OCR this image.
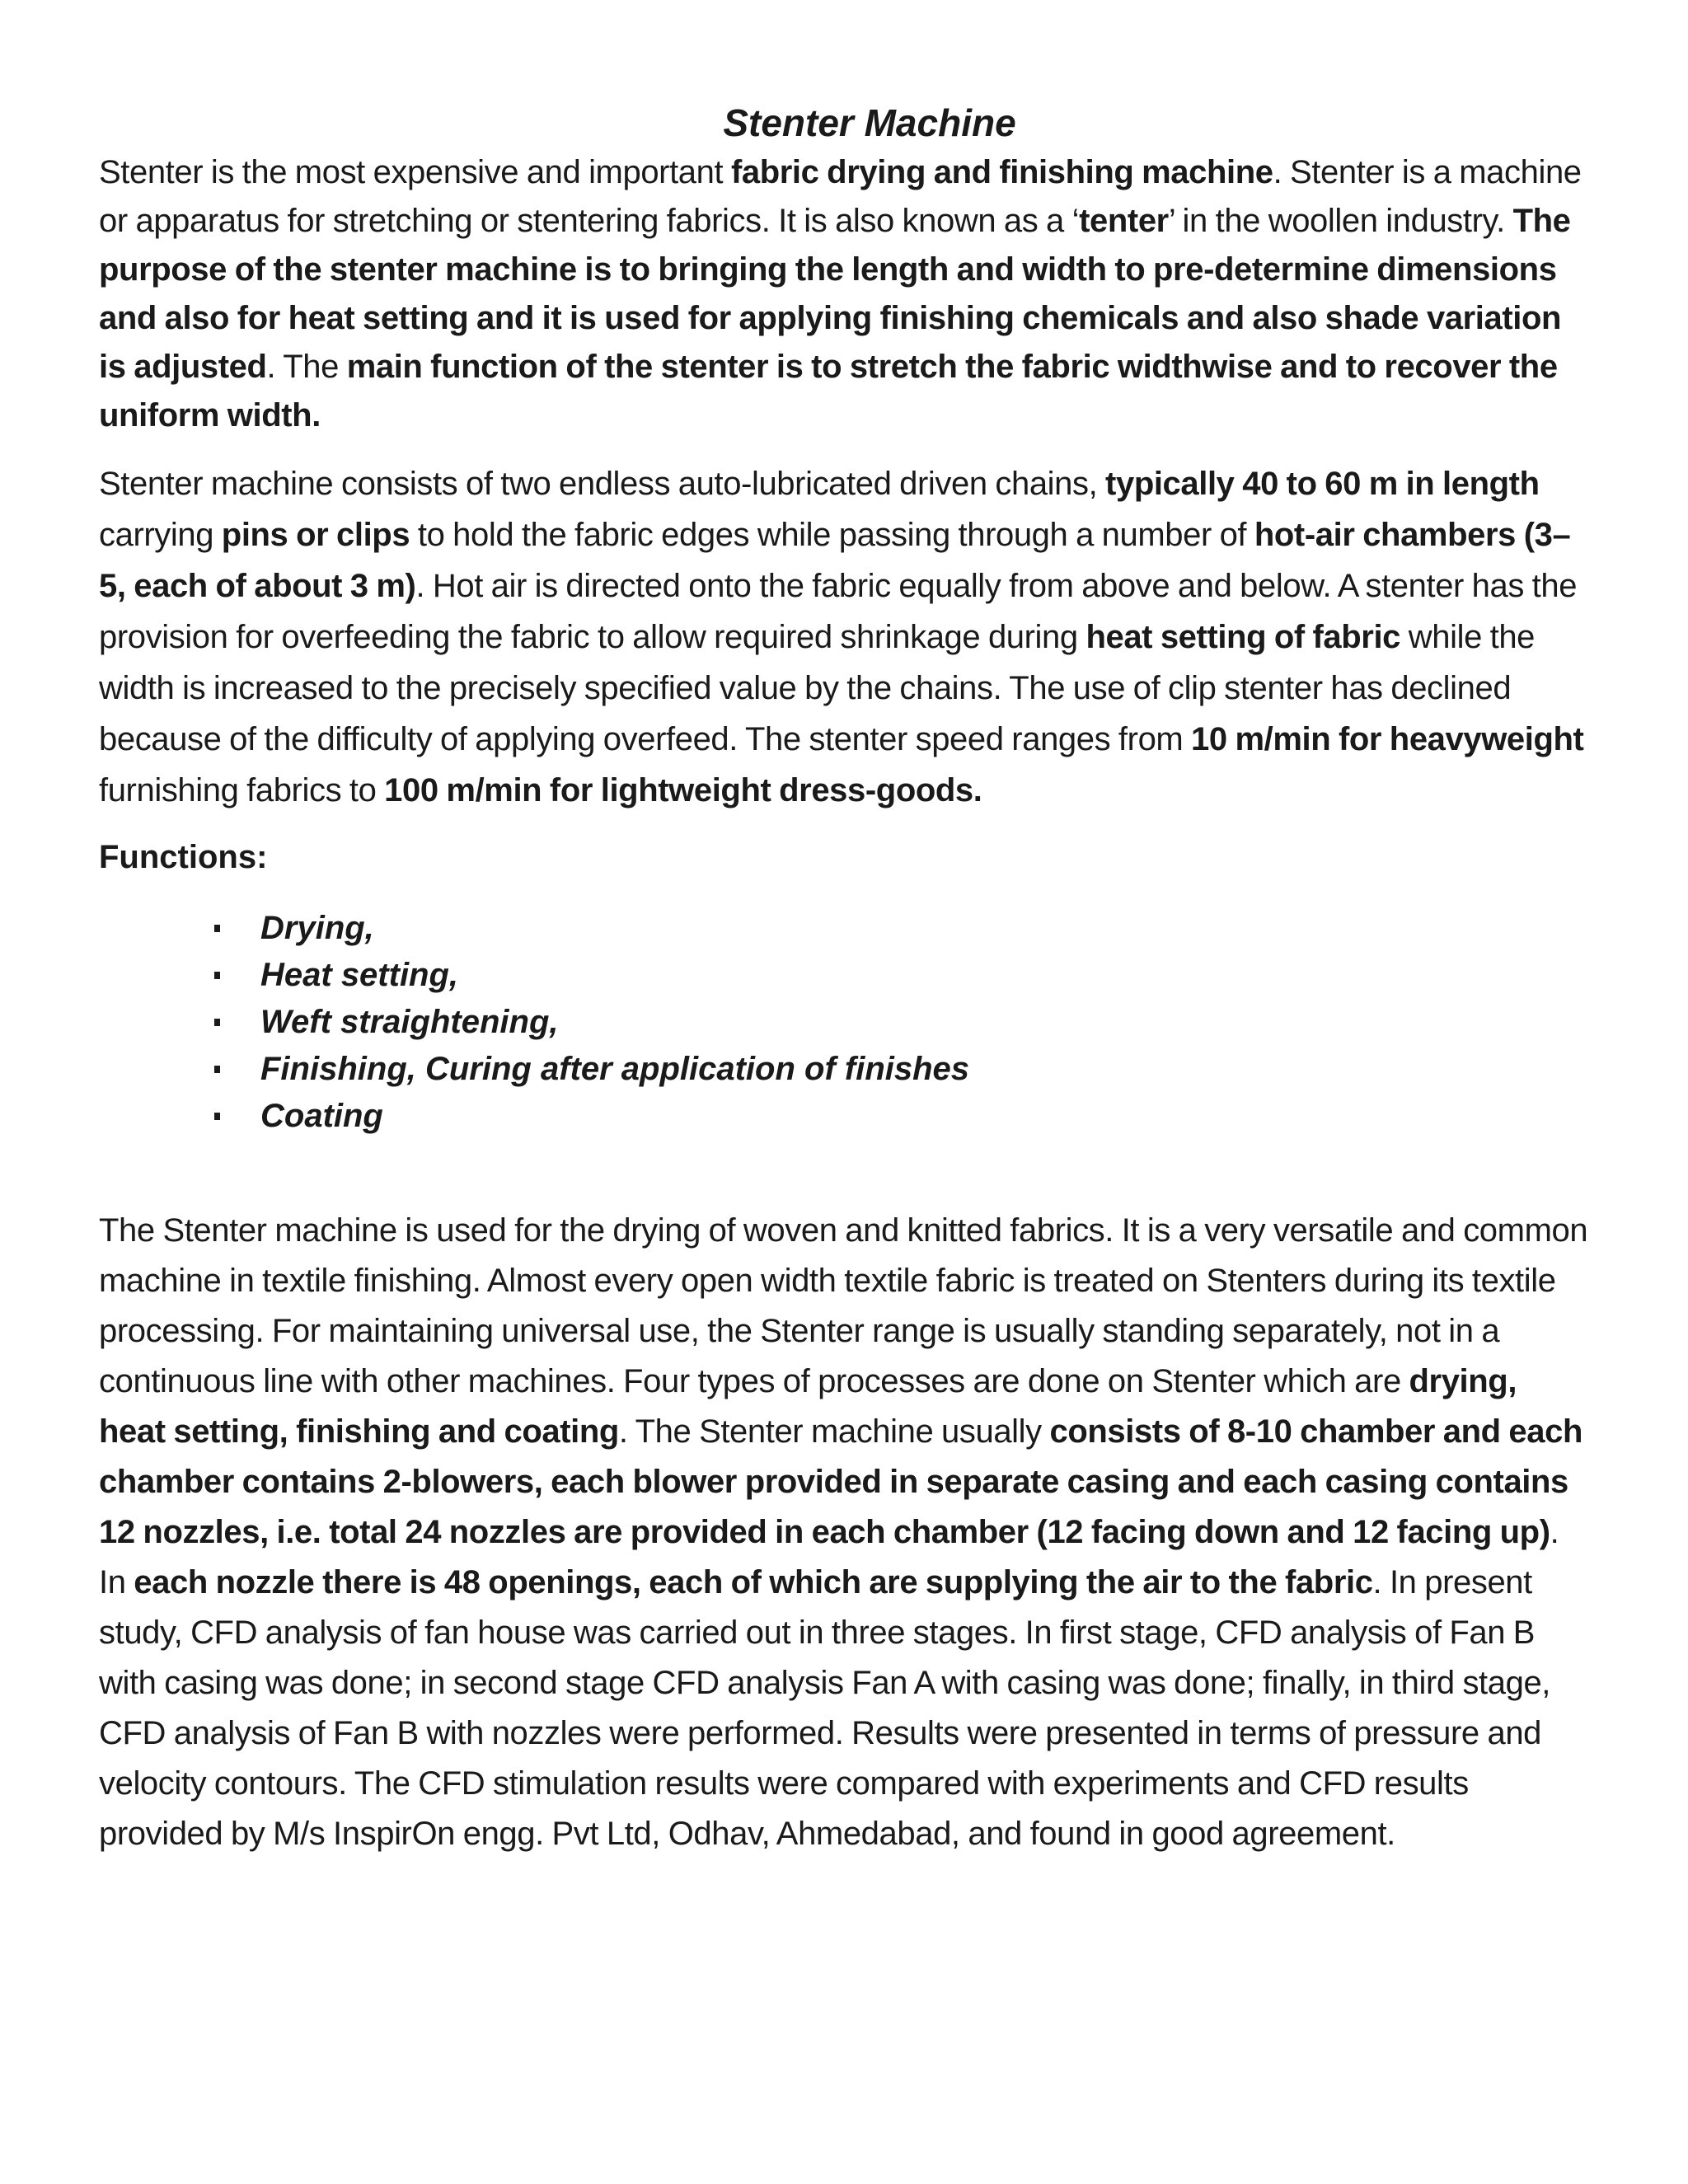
Stenter Machine

Stenter is the most expensive and important fabric drying and finishing machine. Stenter is a machine or apparatus for stretching or stentering fabrics. It is also known as a ‘tenter’ in the woollen industry. The purpose of the stenter machine is to bringing the length and width to pre-determine dimensions and also for heat setting and it is used for applying finishing chemicals and also shade variation is adjusted. The main function of the stenter is to stretch the fabric widthwise and to recover the uniform width.

Stenter machine consists of two endless auto-lubricated driven chains, typically 40 to 60 m in length carrying pins or clips to hold the fabric edges while passing through a number of hot-air chambers (3–5, each of about 3 m). Hot air is directed onto the fabric equally from above and below. A stenter has the provision for overfeeding the fabric to allow required shrinkage during heat setting of fabric while the width is increased to the precisely specified value by the chains. The use of clip stenter has declined because of the difficulty of applying overfeed. The stenter speed ranges from 10 m/min for heavyweight furnishing fabrics to 100 m/min for lightweight dress-goods.

Functions:

Drying,
Heat setting,
Weft straightening,
Finishing, Curing after application of finishes
Coating

The Stenter machine is used for the drying of woven and knitted fabrics. It is a very versatile and common machine in textile finishing. Almost every open width textile fabric is treated on Stenters during its textile processing. For maintaining universal use, the Stenter range is usually standing separately, not in a continuous line with other machines. Four types of processes are done on Stenter which are drying, heat setting, finishing and coating. The Stenter machine usually consists of 8-10 chamber and each chamber contains 2-blowers, each blower provided in separate casing and each casing contains 12 nozzles, i.e. total 24 nozzles are provided in each chamber (12 facing down and 12 facing up). In each nozzle there is 48 openings, each of which are supplying the air to the fabric. In present study, CFD analysis of fan house was carried out in three stages. In first stage, CFD analysis of Fan B with casing was done; in second stage CFD analysis Fan A with casing was done; finally, in third stage, CFD analysis of Fan B with nozzles were performed. Results were presented in terms of pressure and velocity contours. The CFD stimulation results were compared with experiments and CFD results provided by M/s InspirOn engg. Pvt Ltd, Odhav, Ahmedabad, and found in good agreement.
